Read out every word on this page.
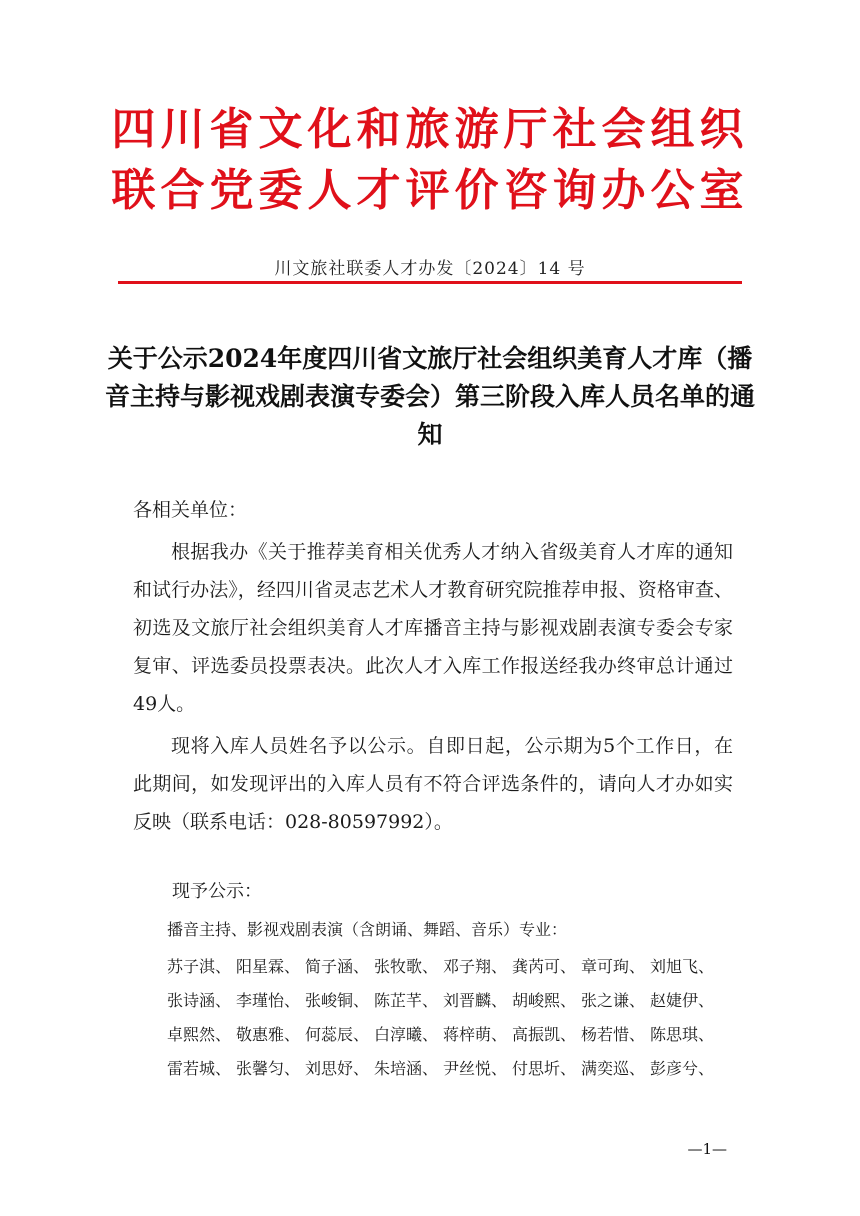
四川省文化和旅游厅社会组织
联合党委人才评价咨询办公室
川文旅社联委人才办发〔2024〕14 号
关于公示2024年度四川省文旅厅社会组织美育人才库（播音主持与影视戏剧表演专委会）第三阶段入库人员名单的通知
各相关单位：
根据我办《关于推荐美育相关优秀人才纳入省级美育人才库的通知和试行办法》，经四川省灵志艺术人才教育研究院推荐申报、资格审查、初选及文旅厅社会组织美育人才库播音主持与影视戏剧表演专委会专家复审、评选委员投票表决。此次人才入库工作报送经我办终审总计通过49人。
现将入库人员姓名予以公示。自即日起，公示期为5个工作日，在此期间，如发现评出的入库人员有不符合评选条件的，请向人才办如实反映（联系电话：028-80597992）。
现予公示：
播音主持、影视戏剧表演（含朗诵、舞蹈、音乐）专业：
苏子淇、 阳星霖、 简子涵、 张牧歌、 邓子翔、 龚芮可、 章可珣、 刘旭飞、
张诗涵、 李瑾怡、 张峻铜、 陈芷芊、 刘晋麟、 胡峻熙、 张之谦、 赵婕伊、
卓熙然、 敬惠雅、 何蕊辰、 白淳曦、 蒋梓萌、 高振凯、 杨若惜、 陈思琪、
雷若城、 张馨匀、 刘思妤、 朱培涵、 尹丝悦、 付思圻、 满奕巡、 彭彦兮、
—1—
